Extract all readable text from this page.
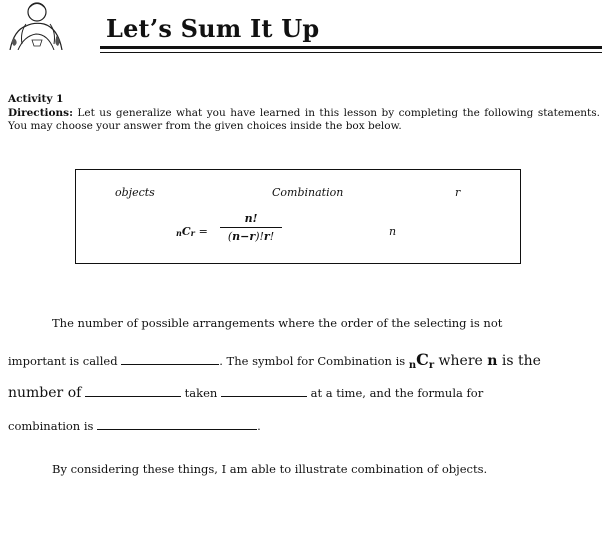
Let’s Sum It Up
Activity 1
Directions: Let us generalize what you have learned in this lesson by completing the following statements. You may choose your answer from the given choices inside the box below.
objects	Combination	r
n
$_nC_r$ =
n!
(n−r)!r!
The number of possible arrangements where the order of the selecting is not
important is called	. The symbol for Combination is nCr where n is the
number of	taken	at a time, and the formula for
combination is	.
By considering these things, I am able to illustrate combination of objects.
